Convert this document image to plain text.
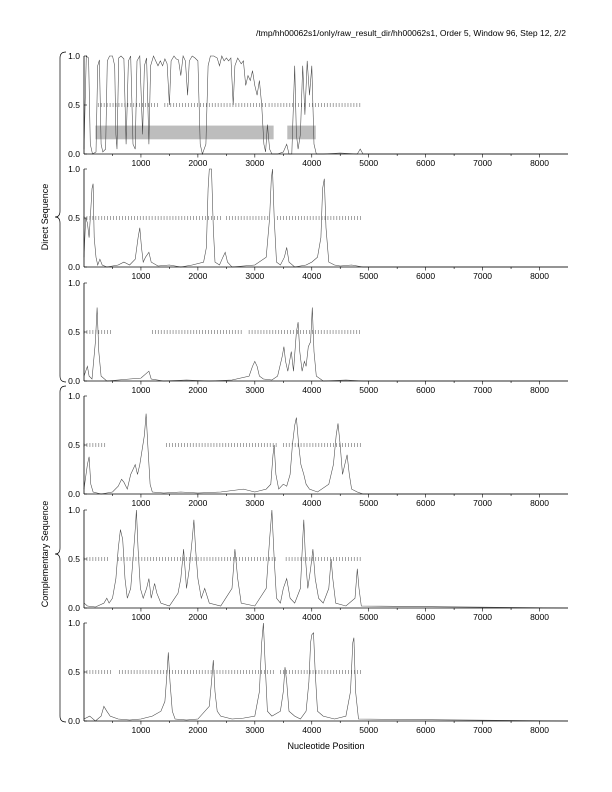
/tmp/hh00062s1/only/raw_result_dir/hh00062s1, Order 5, Window 96, Step 12, 2/2
0.0
0.5
1.0
1000	2000	3000	4000	5000	6000	7000	8000
0.0
0.5
1.0
1000	2000	3000	4000	5000	6000	7000	8000
0.0
0.5
1.0
1000	2000	3000	4000	5000	6000	7000	8000
0.0
0.5
1.0
1000	2000	3000	4000	5000	6000	7000	8000
0.0
0.5
1.0
1000	2000	3000	4000	5000	6000	7000	8000
0.0
0.5
1.0
1000	2000	3000	4000	5000	6000	7000	8000
Direct Sequence
Complementary Sequence
Nucleotide Position
